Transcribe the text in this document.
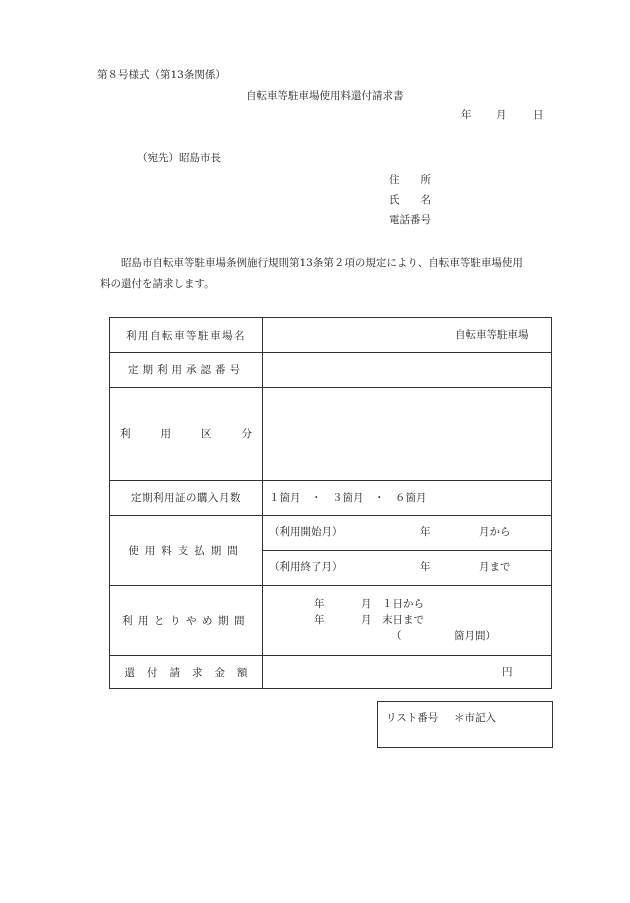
第８号様式（第13条関係）
自転車等駐車場使用料還付請求書
年 月	日
（宛先）昭島市長
住　　所
氏　　名
電話番号
昭島市自転車等駐車場条例施行規則第13条第２項の規定により、自転車等駐車場使用
料の還付を請求します。
利用自転車等駐車場名	自転車等駐車場
定期利用承認番号
利用区分
定期利用証の購入月数	１箇月　・　３箇月　・　６箇月
使用料支払期間
（利用開始月）	年	月から
（利用終了月）	年	月まで
利用とりやめ期間
年	月　１日から
年	月　末日まで
（　　　　　箇月間）
還付請求金額	円
リスト番号 ＊市記入
